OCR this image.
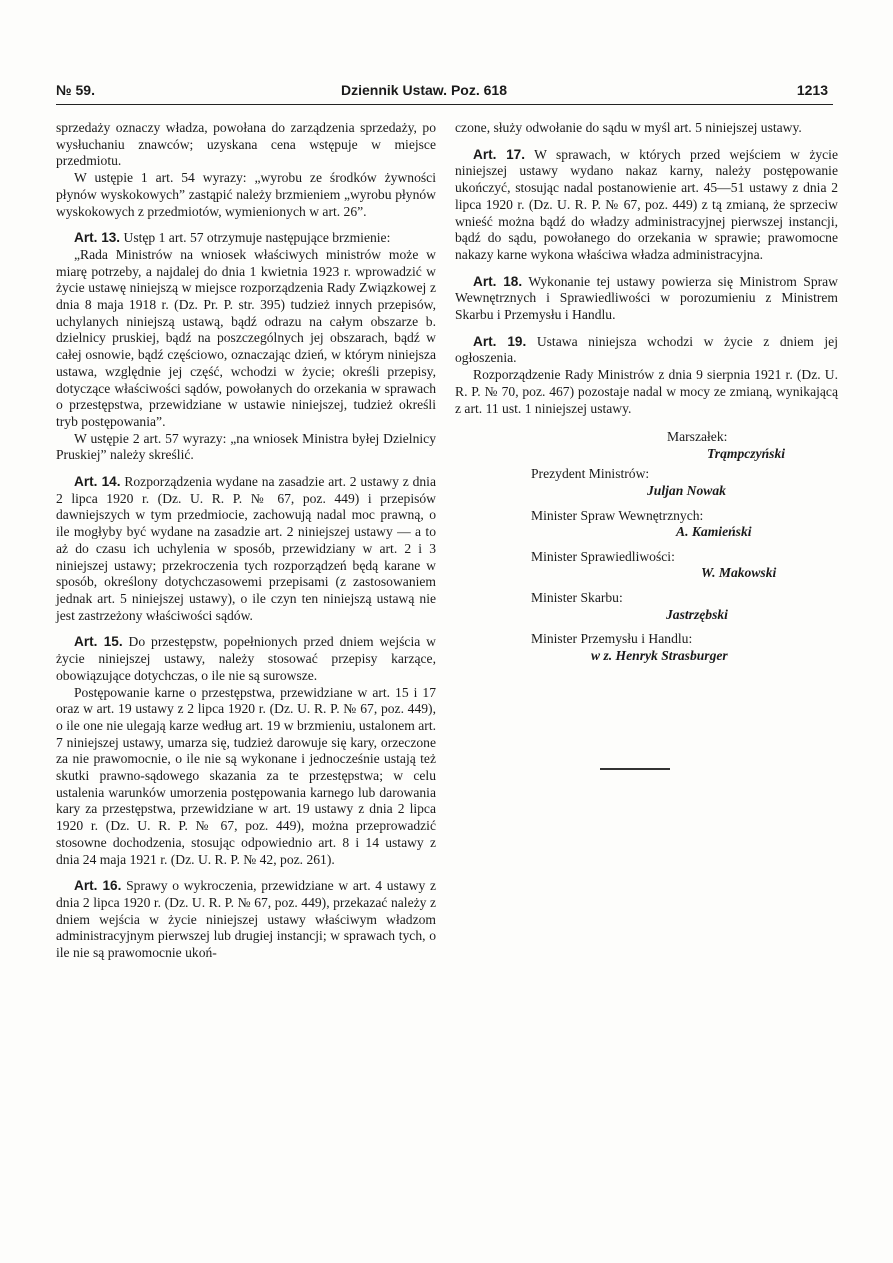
№ 59.	Dziennik Ustaw. Poz. 618	1213

sprzedaży oznaczy władza, powołana do zarządzenia sprzedaży, po wysłuchaniu znawców; uzyskana cena wstępuje w miejsce przedmiotu.

W ustępie 1 art. 54 wyrazy: „wyrobu ze środków żywności płynów wyskokowych” zastąpić należy brzmieniem „wyrobu płynów wyskokowych z przedmiotów, wymienionych w art. 26”.

Art. 13. Ustęp 1 art. 57 otrzymuje następujące brzmienie:

„Rada Ministrów na wniosek właściwych ministrów może w miarę potrzeby, a najdalej do dnia 1 kwietnia 1923 r. wprowadzić w życie ustawę niniejszą w miejsce rozporządzenia Rady Związkowej z dnia 8 maja 1918 r. (Dz. Pr. P. str. 395) tudzież innych przepisów, uchylanych niniejszą ustawą, bądź odrazu na całym obszarze b. dzielnicy pruskiej, bądź na poszczególnych jej obszarach, bądź w całej osnowie, bądź częściowo, oznaczając dzień, w którym niniejsza ustawa, względnie jej część, wchodzi w życie; określi przepisy, dotyczące właściwości sądów, powołanych do orzekania w sprawach o przestępstwa, przewidziane w ustawie niniejszej, tudzież określi tryb postępowania”.

W ustępie 2 art. 57 wyrazy: „na wniosek Ministra byłej Dzielnicy Pruskiej” należy skreślić.

Art. 14. Rozporządzenia wydane na zasadzie art. 2 ustawy z dnia 2 lipca 1920 r. (Dz. U. R. P. № 67, poz. 449) i przepisów dawniejszych w tym przedmiocie, zachowują nadal moc prawną, o ile mogłyby być wydane na zasadzie art. 2 niniejszej ustawy — a to aż do czasu ich uchylenia w sposób, przewidziany w art. 2 i 3 niniejszej ustawy; przekroczenia tych rozporządzeń będą karane w sposób, określony dotychczasowemi przepisami (z zastosowaniem jednak art. 5 niniejszej ustawy), o ile czyn ten niniejszą ustawą nie jest zastrzeżony właściwości sądów.

Art. 15. Do przestępstw, popełnionych przed dniem wejścia w życie niniejszej ustawy, należy stosować przepisy karzące, obowiązujące dotychczas, o ile nie są surowsze.

Postępowanie karne o przestępstwa, przewidziane w art. 15 i 17 oraz w art. 19 ustawy z 2 lipca 1920 r. (Dz. U. R. P. № 67, poz. 449), o ile one nie ulegają karze według art. 19 w brzmieniu, ustalonem art. 7 niniejszej ustawy, umarza się, tudzież darowuje się kary, orzeczone za nie prawomocnie, o ile nie są wykonane i jednocześnie ustają też skutki prawno-sądowego skazania za te przestępstwa; w celu ustalenia warunków umorzenia postępowania karnego lub darowania kary za przestępstwa, przewidziane w art. 19 ustawy z dnia 2 lipca 1920 r. (Dz. U. R. P. № 67, poz. 449), można przeprowadzić stosowne dochodzenia, stosując odpowiednio art. 8 i 14 ustawy z dnia 24 maja 1921 r. (Dz. U. R. P. № 42, poz. 261).

Art. 16. Sprawy o wykroczenia, przewidziane w art. 4 ustawy z dnia 2 lipca 1920 r. (Dz. U. R. P. № 67, poz. 449), przekazać należy z dniem wejścia w życie niniejszej ustawy właściwym władzom administracyjnym pierwszej lub drugiej instancji; w sprawach tych, o ile nie są prawomocnie ukoń-

czone, służy odwołanie do sądu w myśl art. 5 niniejszej ustawy.

Art. 17. W sprawach, w których przed wejściem w życie niniejszej ustawy wydano nakaz karny, należy postępowanie ukończyć, stosując nadal postanowienie art. 45—51 ustawy z dnia 2 lipca 1920 r. (Dz. U. R. P. № 67, poz. 449) z tą zmianą, że sprzeciw wnieść można bądź do władzy administracyjnej pierwszej instancji, bądź do sądu, powołanego do orzekania w sprawie; prawomocne nakazy karne wykona właściwa władza administracyjna.

Art. 18. Wykonanie tej ustawy powierza się Ministrom Spraw Wewnętrznych i Sprawiedliwości w porozumieniu z Ministrem Skarbu i Przemysłu i Handlu.

Art. 19. Ustawa niniejsza wchodzi w życie z dniem jej ogłoszenia.

Rozporządzenie Rady Ministrów z dnia 9 sierpnia 1921 r. (Dz. U. R. P. № 70, poz. 467) pozostaje nadal w mocy ze zmianą, wynikającą z art. 11 ust. 1 niniejszej ustawy.

Marszałek:
Trąmpczyński
Prezydent Ministrów:
Juljan Nowak
Minister Spraw Wewnętrznych:
A. Kamieński
Minister Sprawiedliwości:
W. Makowski
Minister Skarbu:
Jastrzębski
Minister Przemysłu i Handlu:
w z. Henryk Strasburger
